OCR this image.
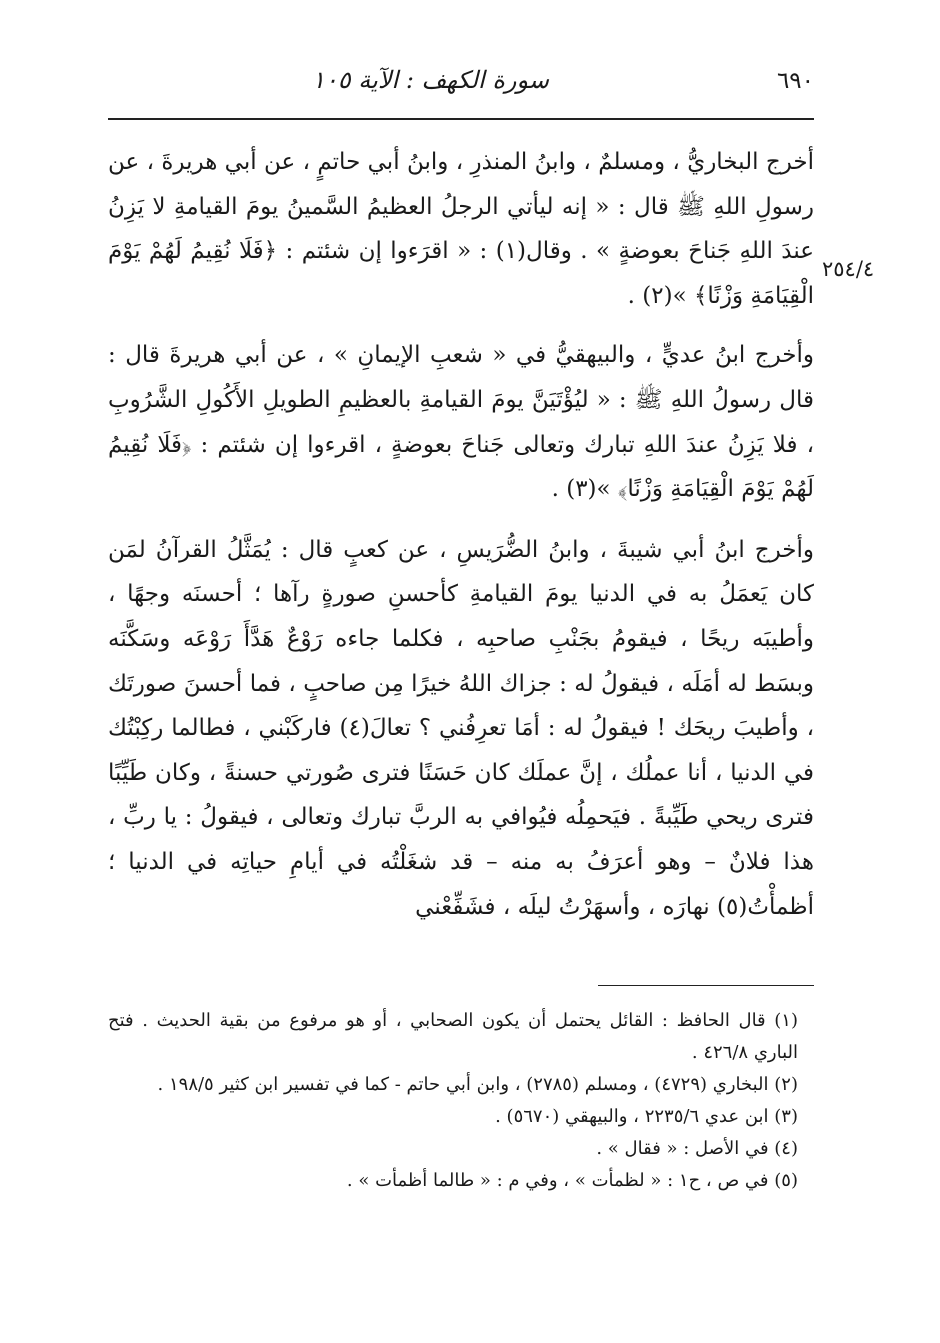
٦٩٠
سورة الكهف : الآية ١٠٥
٢٥٤/٤

أخرج البخاريُّ ، ومسلمٌ ، وابنُ المنذرِ ، وابنُ أبي حاتمٍ ، عن أبي هريرةَ ، عن رسولِ اللهِ ﷺ قال : « إنه ليأتي الرجلُ العظيمُ السَّمينُ يومَ القيامةِ لا يَزِنُ عندَ اللهِ جَناحَ بعوضةٍ » . وقال(١) : « اقرَءوا إن شئتم : ﴿فَلَا نُقِيمُ لَهُمْ يَوْمَ الْقِيَامَةِ وَزْنًا﴾ »(٢) .

وأخرج ابنُ عديٍّ ، والبيهقيُّ في « شعبِ الإيمانِ » ، عن أبي هريرةَ قال : قال رسولُ اللهِ ﷺ : « ليُؤْتَيَنَّ يومَ القيامةِ بالعظيمِ الطويلِ الأَكُولِ الشَّرُوبِ ، فلا يَزِنُ عندَ اللهِ تبارك وتعالى جَناحَ بعوضةٍ ، اقرءوا إن شئتم : ﴿فَلَا نُقِيمُ لَهُمْ يَوْمَ الْقِيَامَةِ وَزْنًا﴾ »(٣) .

وأخرج ابنُ أبي شيبةَ ، وابنُ الضُّرَيسِ ، عن كعبٍ قال : يُمَثَّلُ القرآنُ لمَن كان يَعمَلُ به في الدنيا يومَ القيامةِ كأحسنِ صورةٍ رآها ؛ أحسنَه وجهًا ، وأطيبَه ريحًا ، فيقومُ بجَنْبِ صاحبِه ، فكلما جاءه رَوْعٌ هَدَّأَ رَوْعَه وسَكَّنَه وبسَط له أمَلَه ، فيقولُ له : جزاك اللهُ خيرًا مِن صاحبٍ ، فما أحسنَ صورتَك ، وأطيبَ ريحَك ! فيقولُ له : أمَا تعرِفُني ؟ تعالَ(٤) فاركَبْني ، فطالما ركِبْتُك في الدنيا ، أنا عملُك ، إنَّ عملَك كان حَسَنًا فترى صُورتي حسنةً ، وكان طَيِّبًا فترى ريحي طَيِّبةً . فيَحمِلُه فيُوافي به الربَّ تبارك وتعالى ، فيقولُ : يا ربِّ ، هذا فلانٌ – وهو أعرَفُ به منه – قد شغَلْتُه في أيامِ حياتِه في الدنيا ؛ أظمأْتُ(٥) نهارَه ، وأسهَرْتُ ليلَه ، فشَفِّعْني

(١) قال الحافظ : القائل يحتمل أن يكون الصحابي ، أو هو مرفوع من بقية الحديث . فتح الباري ٤٢٦/٨ .

(٢) البخاري (٤٧٢٩) ، ومسلم (٢٧٨٥) ، وابن أبي حاتم - كما في تفسير ابن كثير ١٩٨/٥ .

(٣) ابن عدي ٢٢٣٥/٦ ، والبيهقي (٥٦٧٠) .

(٤) في الأصل : « فقال » .

(٥) في ص ، ح١ : « لظمأت » ، وفي م : « طالما أظمأت » .
